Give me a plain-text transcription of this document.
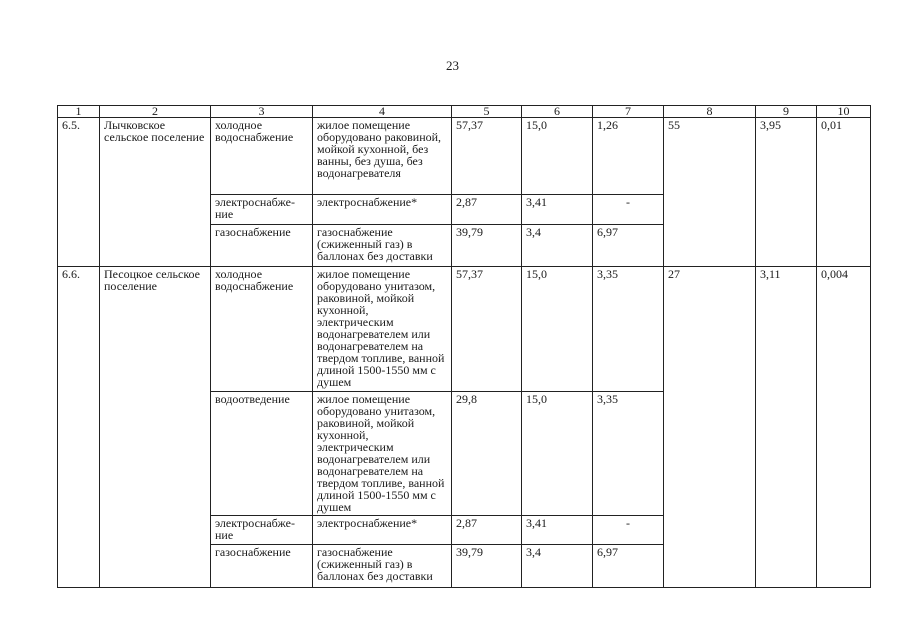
23
1	2	3	4	5	6	7	8	9	10
6.5.	Лычковское сельское поселение	холодное водоснабжение	жилое помещение оборудовано раковиной, мойкой кухонной, без ванны, без душа, без водонагревателя	57,37	15,0	1,26	55	3,95	0,01
		электроснабже-ние	электроснабжение*	2,87	3,41	-			
		газоснабжение	газоснабжение (сжиженный газ) в баллонах без доставки	39,79	3,4	6,97			
6.6.	Песоцкое сельское поселение	холодное водоснабжение	жилое помещение оборудовано унитазом, раковиной, мойкой кухонной, электрическим водонагревателем или водонагревателем на твердом топливе, ванной длиной 1500-1550 мм с душем	57,37	15,0	3,35	27	3,11	0,004
		водоотведение	жилое помещение оборудовано унитазом, раковиной, мойкой кухонной, электрическим водонагревателем или водонагревателем на твердом топливе, ванной длиной 1500-1550 мм с душем	29,8	15,0	3,35			
		электроснабже-ние	электроснабжение*	2,87	3,41	-			
		газоснабжение	газоснабжение (сжиженный газ) в баллонах без доставки	39,79	3,4	6,97			
